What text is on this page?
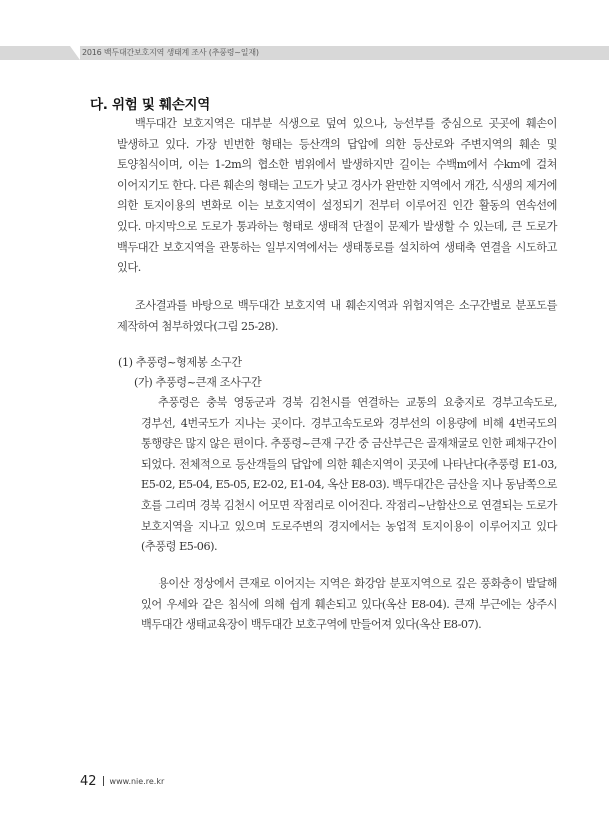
2016 백두대간보호지역 생태계 조사 (추풍령~일재)
다. 위험 및 훼손지역

백두대간 보호지역은 대부분 식생으로 덮여 있으나, 능선부를 중심으로 곳곳에 훼손이 발생하고 있다. 가장 빈번한 형태는 등산객의 답압에 의한 등산로와 주변지역의 훼손 및 토양침식이며, 이는 1-2m의 협소한 범위에서 발생하지만 길이는 수백m에서 수km에 걸쳐 이어지기도 한다. 다른 훼손의 형태는 고도가 낮고 경사가 완만한 지역에서 개간, 식생의 제거에 의한 토지이용의 변화로 이는 보호지역이 설정되기 전부터 이루어진 인간 활동의 연속선에 있다. 마지막으로 도로가 통과하는 형태로 생태적 단절이 문제가 발생할 수 있는데, 큰 도로가 백두대간 보호지역을 관통하는 일부지역에서는 생태통로를 설치하여 생태축 연결을 시도하고 있다.

조사결과를 바탕으로 백두대간 보호지역 내 훼손지역과 위험지역은 소구간별로 분포도를 제작하여 첨부하였다(그림 25-28).

(1) 추풍령~형제봉 소구간

(가) 추풍령~큰재 조사구간

추풍령은 충북 영동군과 경북 김천시를 연결하는 교통의 요충지로 경부고속도로, 경부선, 4번국도가 지나는 곳이다. 경부고속도로와 경부선의 이용량에 비해 4번국도의 통행량은 많지 않은 편이다. 추풍령~큰재 구간 중 금산부근은 골재채굴로 인한 폐채구간이 되었다. 전체적으로 등산객들의 답압에 의한 훼손지역이 곳곳에 나타난다(추풍령 E1-03, E5-02, E5-04, E5-05, E2-02, E1-04, 옥산 E8-03). 백두대간은 금산을 지나 동남쪽으로 호를 그리며 경북 김천시 어모면 작점리로 이어진다. 작점리~난함산으로 연결되는 도로가 보호지역을 지나고 있으며 도로주변의 경지에서는 농업적 토지이용이 이루어지고 있다(추풍령 E5-06).

용이산 정상에서 큰재로 이어지는 지역은 화강암 분포지역으로 깊은 풍화층이 발달해 있어 우세와 같은 침식에 의해 쉽게 훼손되고 있다(옥산 E8-04). 큰재 부근에는 상주시 백두대간 생태교육장이 백두대간 보호구역에 만들어져 있다(옥산 E8-07).

42 www.nie.re.kr
